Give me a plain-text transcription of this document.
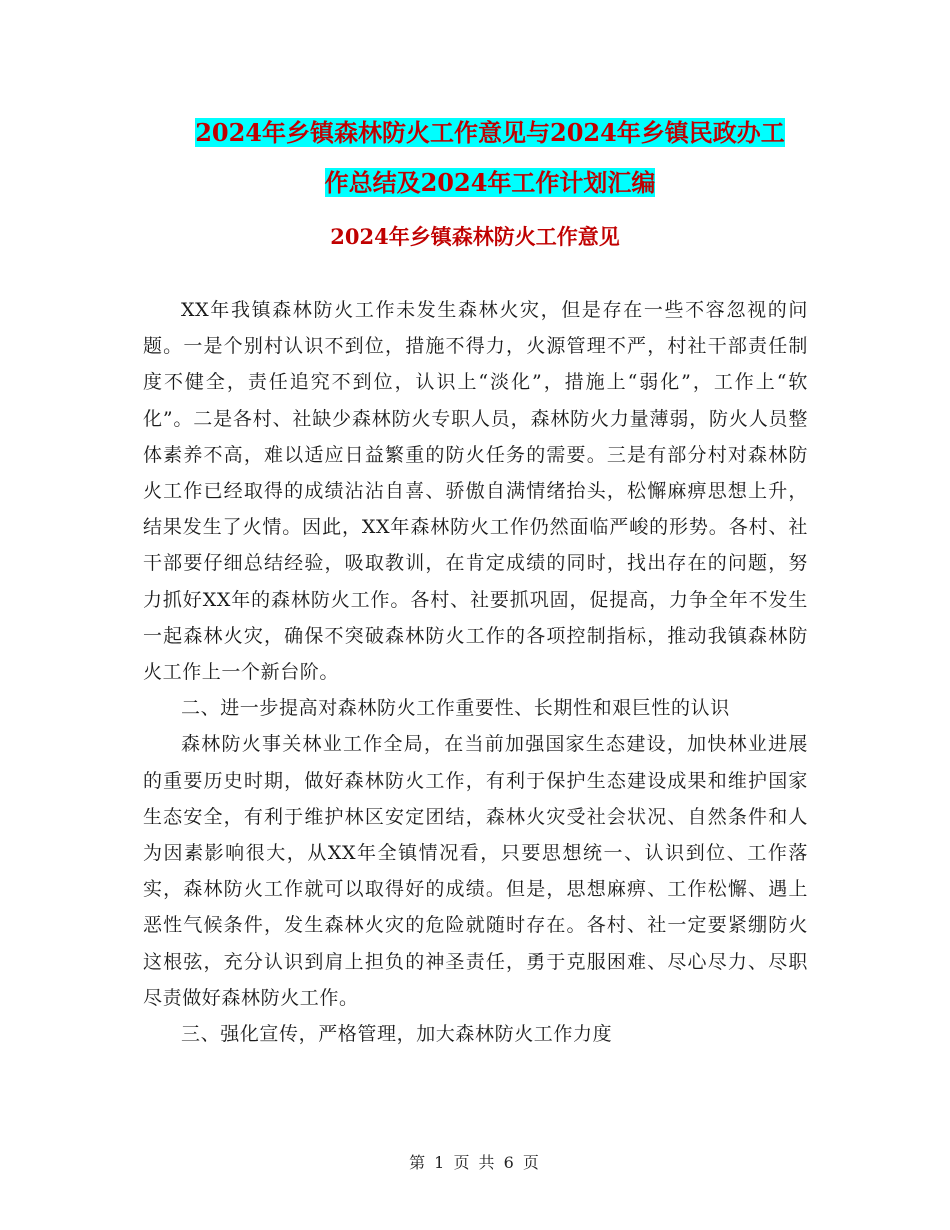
2024年乡镇森林防火工作意见与2024年乡镇民政办工
作总结及2024年工作计划汇编
2024年乡镇森林防火工作意见

XX年我镇森林防火工作未发生森林火灾，但是存在一些不容忽视的问题。一是个别村认识不到位，措施不得力，火源管理不严，村社干部责任制度不健全，责任追究不到位，认识上“淡化”，措施上“弱化”，工作上“软化”。二是各村、社缺少森林防火专职人员，森林防火力量薄弱，防火人员整体素养不高，难以适应日益繁重的防火任务的需要。三是有部分村对森林防火工作已经取得的成绩沾沾自喜、骄傲自满情绪抬头，松懈麻痹思想上升，结果发生了火情。因此，XX年森林防火工作仍然面临严峻的形势。各村、社干部要仔细总结经验，吸取教训，在肯定成绩的同时，找出存在的问题，努力抓好XX年的森林防火工作。各村、社要抓巩固，促提高，力争全年不发生一起森林火灾，确保不突破森林防火工作的各项控制指标，推动我镇森林防火工作上一个新台阶。

二、进一步提高对森林防火工作重要性、长期性和艰巨性的认识

森林防火事关林业工作全局，在当前加强国家生态建设，加快林业进展的重要历史时期，做好森林防火工作，有利于保护生态建设成果和维护国家生态安全，有利于维护林区安定团结，森林火灾受社会状况、自然条件和人为因素影响很大，从XX年全镇情况看，只要思想统一、认识到位、工作落实，森林防火工作就可以取得好的成绩。但是，思想麻痹、工作松懈、遇上恶性气候条件，发生森林火灾的危险就随时存在。各村、社一定要紧绷防火这根弦，充分认识到肩上担负的神圣责任，勇于克服困难、尽心尽力、尽职尽责做好森林防火工作。

三、强化宣传，严格管理，加大森林防火工作力度

第 1 页 共 6 页
